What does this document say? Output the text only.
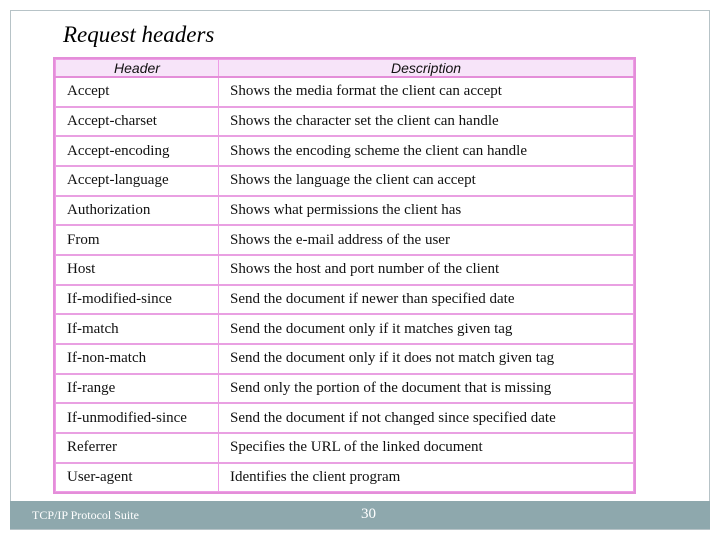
Request headers
Header	Description
Accept	Shows the media format the client can accept
Accept-charset	Shows the character set the client can handle
Accept-encoding	Shows the encoding scheme the client can handle
Accept-language	Shows the language the client can accept
Authorization	Shows what permissions the client has
From	Shows the e-mail address of the user
Host	Shows the host and port number of the client
If-modified-since	Send the document if newer than specified date
If-match	Send the document only if it matches given tag
If-non-match	Send the document only if it does not match given tag
If-range	Send only the portion of the document that is missing
If-unmodified-since	Send the document if not changed since specified date
Referrer	Specifies the URL of the linked document
User-agent	Identifies the client program
TCP/IP Protocol Suite	30
